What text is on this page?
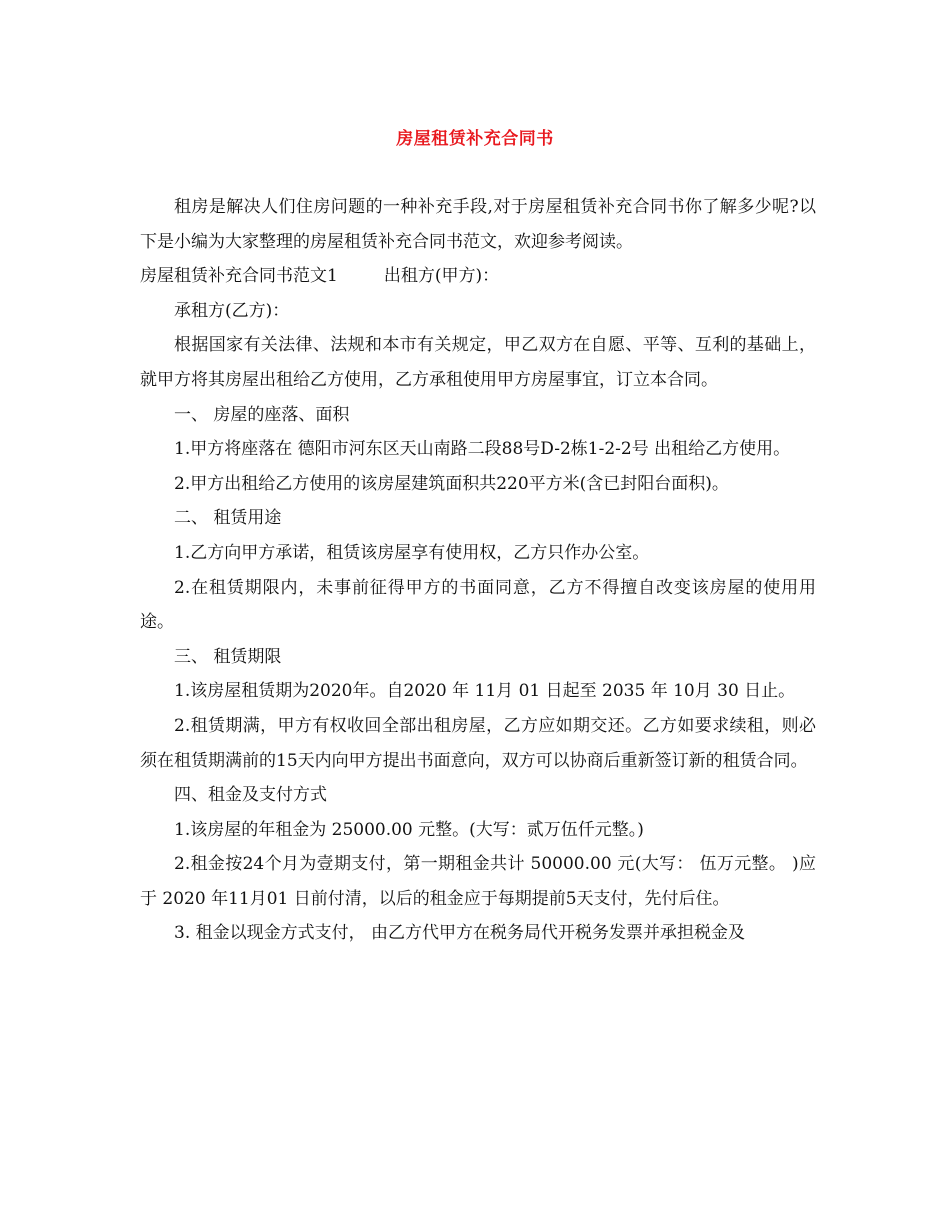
房屋租赁补充合同书

租房是解决人们住房问题的一种补充手段,对于房屋租赁补充合同书你了解多少呢?以下是小编为大家整理的房屋租赁补充合同书范文，欢迎参考阅读。

房屋租赁补充合同书范文1	出租方(甲方)：

承租方(乙方)：

根据国家有关法律、法规和本市有关规定，甲乙双方在自愿、平等、互利的基础上，就甲方将其房屋出租给乙方使用，乙方承租使用甲方房屋事宜，订立本合同。

一、 房屋的座落、面积

1.甲方将座落在 德阳市河东区天山南路二段88号D-2栋1-2-2号 出租给乙方使用。

2.甲方出租给乙方使用的该房屋建筑面积共220平方米(含已封阳台面积)。

二、 租赁用途

1.乙方向甲方承诺，租赁该房屋享有使用权，乙方只作办公室。

2.在租赁期限内，未事前征得甲方的书面同意，乙方不得擅自改变该房屋的使用用途。

三、 租赁期限

1.该房屋租赁期为2020年。自2020 年 11月 01 日起至 2035 年 10月 30 日止。

2.租赁期满，甲方有权收回全部出租房屋，乙方应如期交还。乙方如要求续租，则必须在租赁期满前的15天内向甲方提出书面意向，双方可以协商后重新签订新的租赁合同。

四、租金及支付方式

1.该房屋的年租金为 25000.00 元整。(大写：贰万伍仟元整。)

2.租金按24个月为壹期支付，第一期租金共计 50000.00 元(大写： 伍万元整。 )应于 2020 年11月01 日前付清，以后的租金应于每期提前5天支付，先付后住。

3. 租金以现金方式支付， 由乙方代甲方在税务局代开税务发票并承担税金及
